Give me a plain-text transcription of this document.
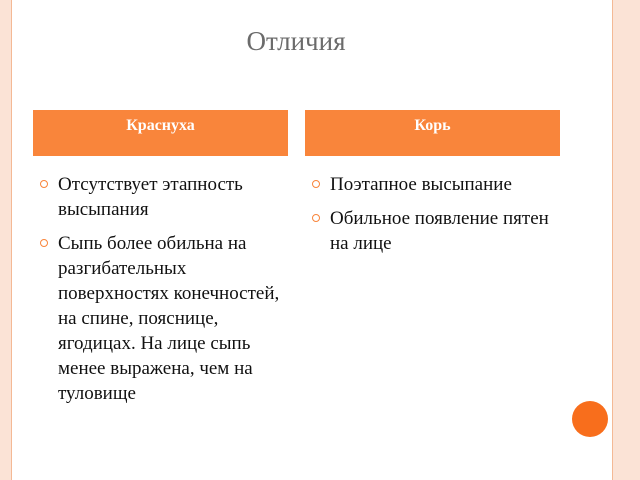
Отличия
Краснуха	Корь
Отсутствует этапность высыпания
Сыпь более обильна на разгибательных поверхностях конечностей, на спине, пояснице, ягодицах. На лице сыпь менее выражена, чем на туловище
Поэтапное высыпание
Обильное появление пятен на лице
